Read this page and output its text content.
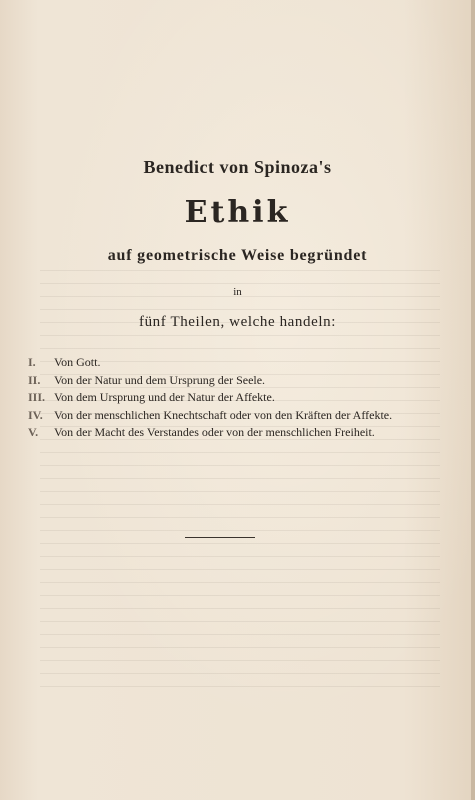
Benedict von Spinoza's
Ethik
auf geometrische Weise begründet
in
fünf Theilen, welche handeln:
I.	Von Gott.
II.	Von der Natur und dem Ursprung der Seele.
III. Von dem Ursprung und der Natur der Affekte.
IV. Von der menschlichen Knechtschaft oder von den Kräften der Affekte.
V.	Von der Macht des Verstandes oder von der menschlichen Freiheit.
